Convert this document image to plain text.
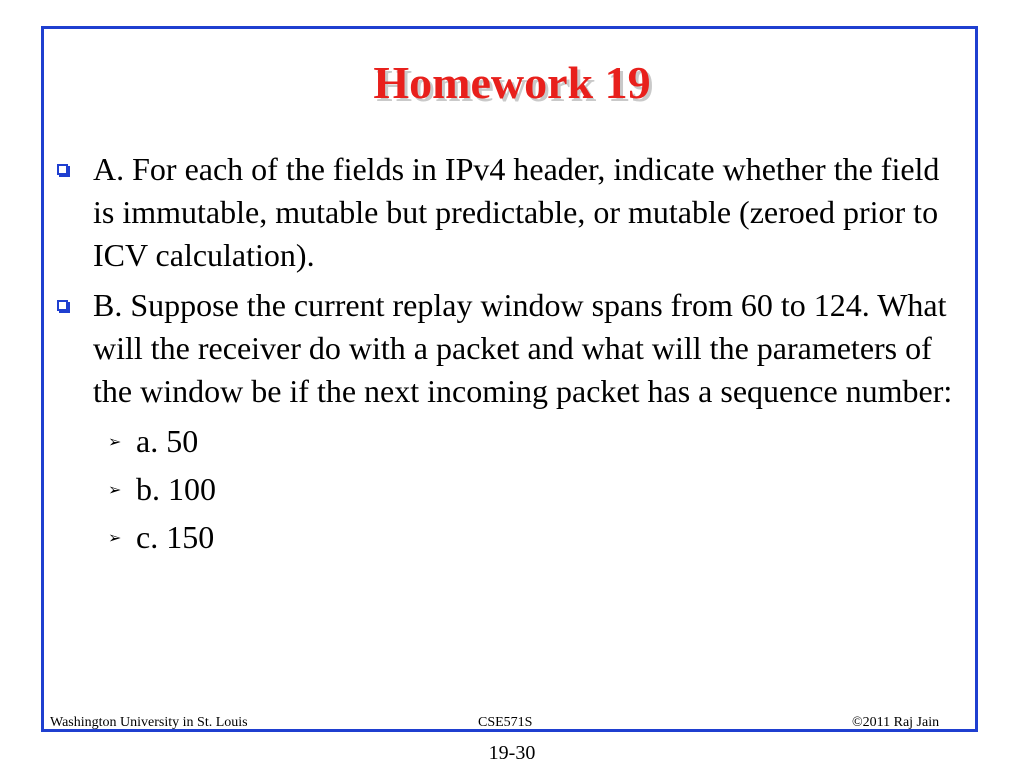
Homework 19
A. For each of the fields in IPv4 header, indicate whether the field is immutable, mutable but predictable, or mutable (zeroed prior to ICV calculation).
B. Suppose the current replay window spans from 60 to 124. What will the receiver do with a packet and what will the parameters of the window be if the next incoming packet has a sequence number:
➢ a. 50
➢ b. 100
➢ c. 150
Washington University in St. Louis	CSE571S	©2011 Raj Jain
19-30
